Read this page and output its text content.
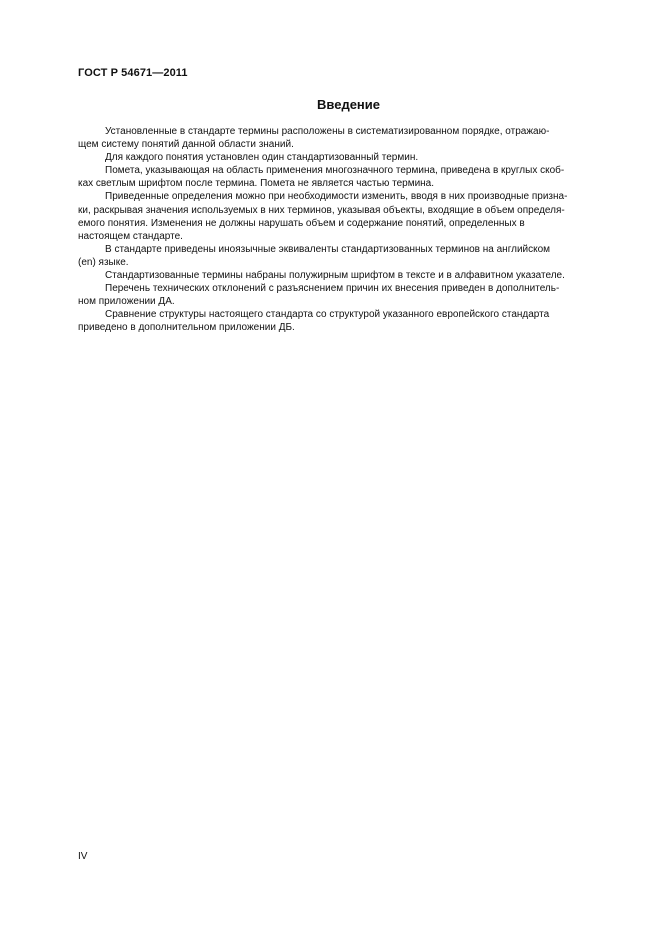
ГОСТ Р 54671—2011
Введение

Установленные в стандарте термины расположены в систематизированном порядке, отражаю-
щем систему понятий данной области знаний.

Для каждого понятия установлен один стандартизованный термин.

Помета, указывающая на область применения многозначного термина, приведена в круглых скоб-
ках светлым шрифтом после термина. Помета не является частью термина.

Приведенные определения можно при необходимости изменить, вводя в них производные призна-
ки, раскрывая значения используемых в них терминов, указывая объекты, входящие в объем определя-
емого понятия. Изменения не должны нарушать объем и содержание понятий, определенных в
настоящем стандарте.

В стандарте приведены иноязычные эквиваленты стандартизованных терминов на английском
(en) языке.

Стандартизованные термины набраны полужирным шрифтом в тексте и в алфавитном указателе.

Перечень технических отклонений с разъяснением причин их внесения приведен в дополнитель-
ном приложении ДА.

Сравнение структуры настоящего стандарта со структурой указанного европейского стандарта
приведено в дополнительном приложении ДБ.

IV
